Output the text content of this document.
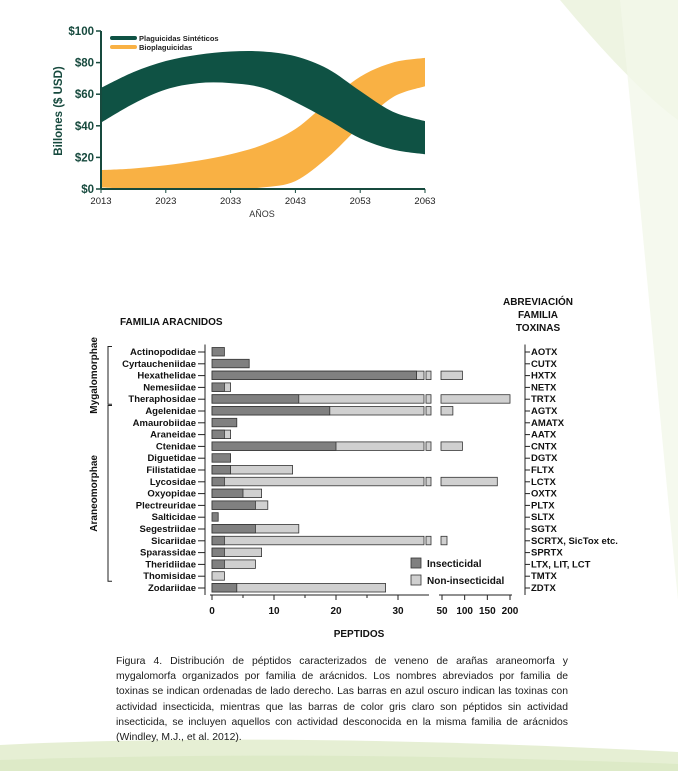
$0
$20
$40
$60
$80
$100
2013	2023	2033	2043	2053	2063
Plaguicidas Sintéticos
Bioplaguicidas
Billones ($ USD)
AÑOS
FAMILIA ARACNIDOS
ABREVIACIÓN
FAMILIA
TOXINAS
Mygalomorphae
Araneomorphae
Actinopodidae	AOTX
Cyrtaucheniidae	CUTX
Hexathelidae	HXTX
Nemesiidae	NETX
Theraphosidae	TRTX
Agelenidae	AGTX
Amaurobiidae	AMATX
Araneidae	AATX
Ctenidae	CNTX
Diguetidae	DGTX
Filistatidae	FLTX
Lycosidae	LCTX
Oxyopidae	OXTX
Plectreuridae	PLTX
Salticidae	SLTX
Segestriidae	SGTX
Sicariidae	SCRTX, SicTox etc.
Sparassidae	SPRTX
Theridiidae	LTX, LIT, LCT
Thomisidae	TMTX
Zodariidae	ZDTX
0	10	20	30	50 100 150 200
Insecticidal
Non-insecticidal
PEPTIDOS
Figura 4. Distribución de péptidos caracterizados de veneno de arañas araneomorfa y mygalomorfa organizados por familia de arácnidos. Los nombres abreviados por familia de toxinas se indican ordenadas de lado derecho. Las barras en azul oscuro indican las toxinas con actividad insecticida, mientras que las barras de color gris claro son péptidos sin actividad insecticida, se incluyen aquellos con actividad desconocida en la misma familia de arácnidos (Windley, M.J., et al. 2012).
